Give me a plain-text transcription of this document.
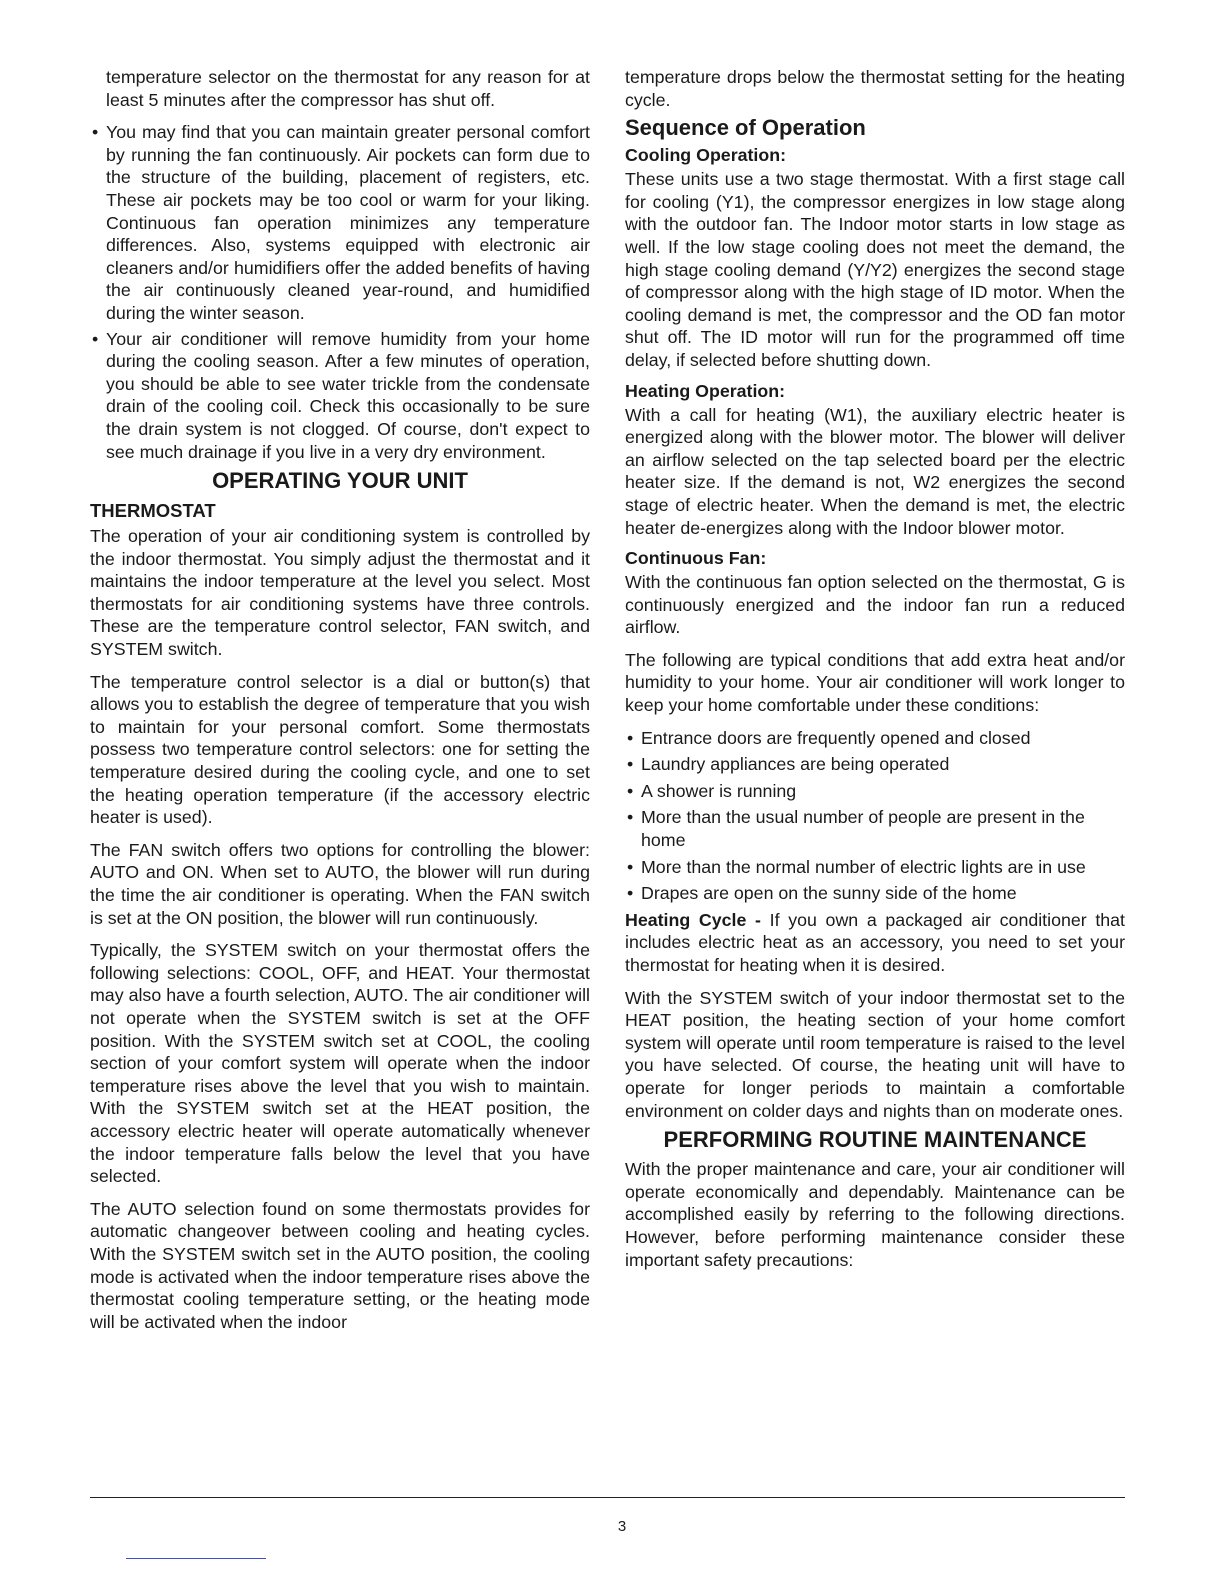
temperature selector on the thermostat for any reason for at least 5 minutes after the compressor has shut off.

• You may find that you can maintain greater personal comfort by running the fan continuously. Air pockets can form due to the structure of the building, placement of registers, etc. These air pockets may be too cool or warm for your liking. Continuous fan operation minimizes any temperature differences. Also, systems equipped with electronic air cleaners and/or humidifiers offer the added benefits of having the air continuously cleaned year-round, and humidified during the winter season.
• Your air conditioner will remove humidity from your home during the cooling season. After a few minutes of operation, you should be able to see water trickle from the condensate drain of the cooling coil. Check this occasionally to be sure the drain system is not clogged. Of course, don't expect to see much drainage if you live in a very dry environment.
OPERATING YOUR UNIT
THERMOSTAT

The operation of your air conditioning system is controlled by the indoor thermostat. You simply adjust the thermostat and it maintains the indoor temperature at the level you select. Most thermostats for air conditioning systems have three controls. These are the temperature control selector, FAN switch, and SYSTEM switch.

The temperature control selector is a dial or button(s) that allows you to establish the degree of temperature that you wish to maintain for your personal comfort. Some thermostats possess two temperature control selectors: one for setting the temperature desired during the cooling cycle, and one to set the heating operation temperature (if the accessory electric heater is used).

The FAN switch offers two options for controlling the blower: AUTO and ON. When set to AUTO, the blower will run during the time the air conditioner is operating. When the FAN switch is set at the ON position, the blower will run continuously.

Typically, the SYSTEM switch on your thermostat offers the following selections: COOL, OFF, and HEAT. Your thermostat may also have a fourth selection, AUTO. The air conditioner will not operate when the SYSTEM switch is set at the OFF position. With the SYSTEM switch set at COOL, the cooling section of your comfort system will operate when the indoor temperature rises above the level that you wish to maintain. With the SYSTEM switch set at the HEAT position, the accessory electric heater will operate automatically whenever the indoor temperature falls below the level that you have selected.

The AUTO selection found on some thermostats provides for automatic changeover between cooling and heating cycles. With the SYSTEM switch set in the AUTO position, the cooling mode is activated when the indoor temperature rises above the thermostat cooling temperature setting, or the heating mode will be activated when the indoor

temperature drops below the thermostat setting for the heating cycle.

Sequence of Operation
Cooling Operation:

These units use a two stage thermostat. With a first stage call for cooling (Y1), the compressor energizes in low stage along with the outdoor fan. The Indoor motor starts in low stage as well. If the low stage cooling does not meet the demand, the high stage cooling demand (Y/Y2) energizes the second stage of compressor along with the high stage of ID motor. When the cooling demand is met, the compressor and the OD fan motor shut off. The ID motor will run for the programmed off time delay, if selected before shutting down.

Heating Operation:

With a call for heating (W1), the auxiliary electric heater is energized along with the blower motor. The blower will deliver an airflow selected on the tap selected board per the electric heater size. If the demand is not, W2 energizes the second stage of electric heater. When the demand is met, the electric heater de-energizes along with the Indoor blower motor.

Continuous Fan:

With the continuous fan option selected on the thermostat, G is continuously energized and the indoor fan run a reduced airflow.

The following are typical conditions that add extra heat and/or humidity to your home. Your air conditioner will work longer to keep your home comfortable under these conditions:

• Entrance doors are frequently opened and closed
• Laundry appliances are being operated
• A shower is running
• More than the usual number of people are present in the home
• More than the normal number of electric lights are in use
• Drapes are open on the sunny side of the home

Heating Cycle - If you own a packaged air conditioner that includes electric heat as an accessory, you need to set your thermostat for heating when it is desired.

With the SYSTEM switch of your indoor thermostat set to the HEAT position, the heating section of your home comfort system will operate until room temperature is raised to the level you have selected. Of course, the heating unit will have to operate for longer periods to maintain a comfortable environment on colder days and nights than on moderate ones.

PERFORMING ROUTINE MAINTENANCE

With the proper maintenance and care, your air conditioner will operate economically and dependably. Maintenance can be accomplished easily by referring to the following directions. However, before performing maintenance consider these important safety precautions:

3
